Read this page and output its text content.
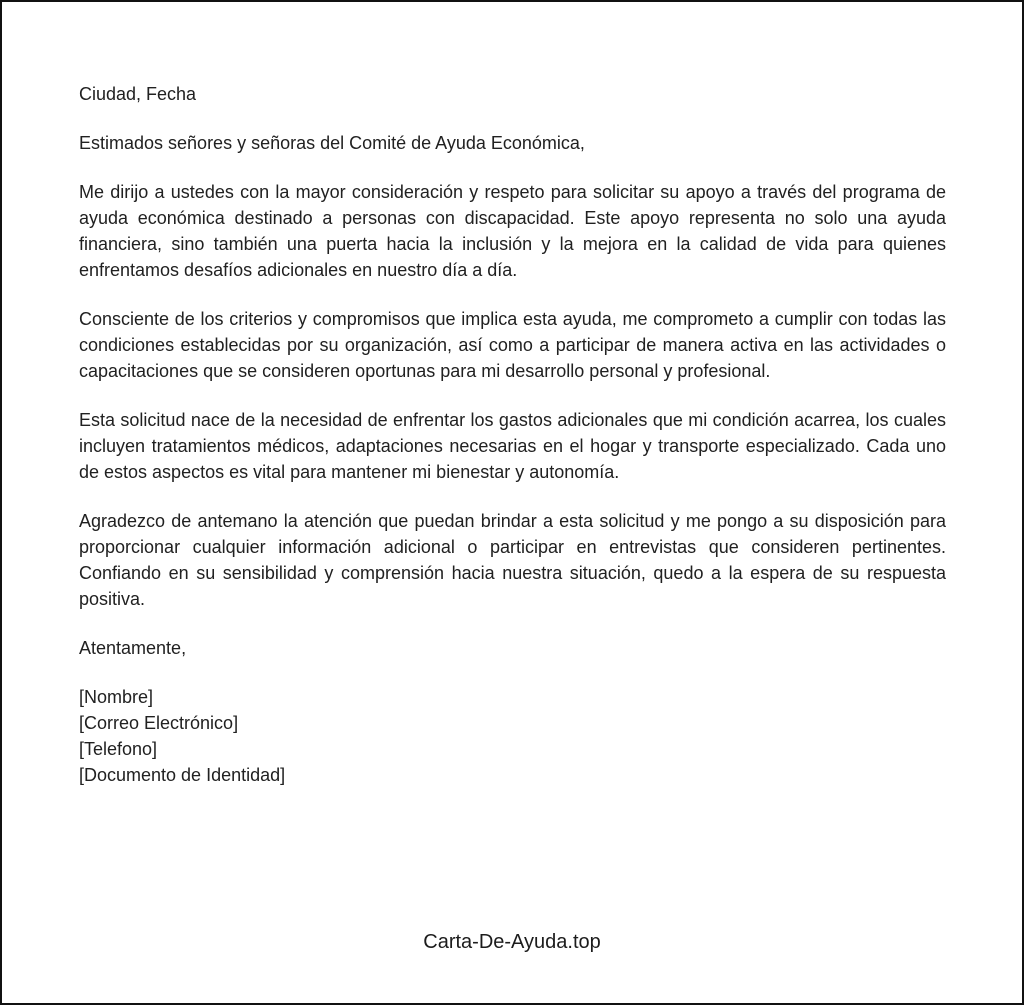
Ciudad, Fecha

Estimados señores y señoras del Comité de Ayuda Económica,

Me dirijo a ustedes con la mayor consideración y respeto para solicitar su apoyo a través del programa de ayuda económica destinado a personas con discapacidad. Este apoyo representa no solo una ayuda financiera, sino también una puerta hacia la inclusión y la mejora en la calidad de vida para quienes enfrentamos desafíos adicionales en nuestro día a día.

Consciente de los criterios y compromisos que implica esta ayuda, me comprometo a cumplir con todas las condiciones establecidas por su organización, así como a participar de manera activa en las actividades o capacitaciones que se consideren oportunas para mi desarrollo personal y profesional.

Esta solicitud nace de la necesidad de enfrentar los gastos adicionales que mi condición acarrea, los cuales incluyen tratamientos médicos, adaptaciones necesarias en el hogar y transporte especializado. Cada uno de estos aspectos es vital para mantener mi bienestar y autonomía.

Agradezco de antemano la atención que puedan brindar a esta solicitud y me pongo a su disposición para proporcionar cualquier información adicional o participar en entrevistas que consideren pertinentes. Confiando en su sensibilidad y comprensión hacia nuestra situación, quedo a la espera de su respuesta positiva.

Atentamente,

[Nombre]

[Correo Electrónico]

[Telefono]

[Documento de Identidad]

Carta-De-Ayuda.top
